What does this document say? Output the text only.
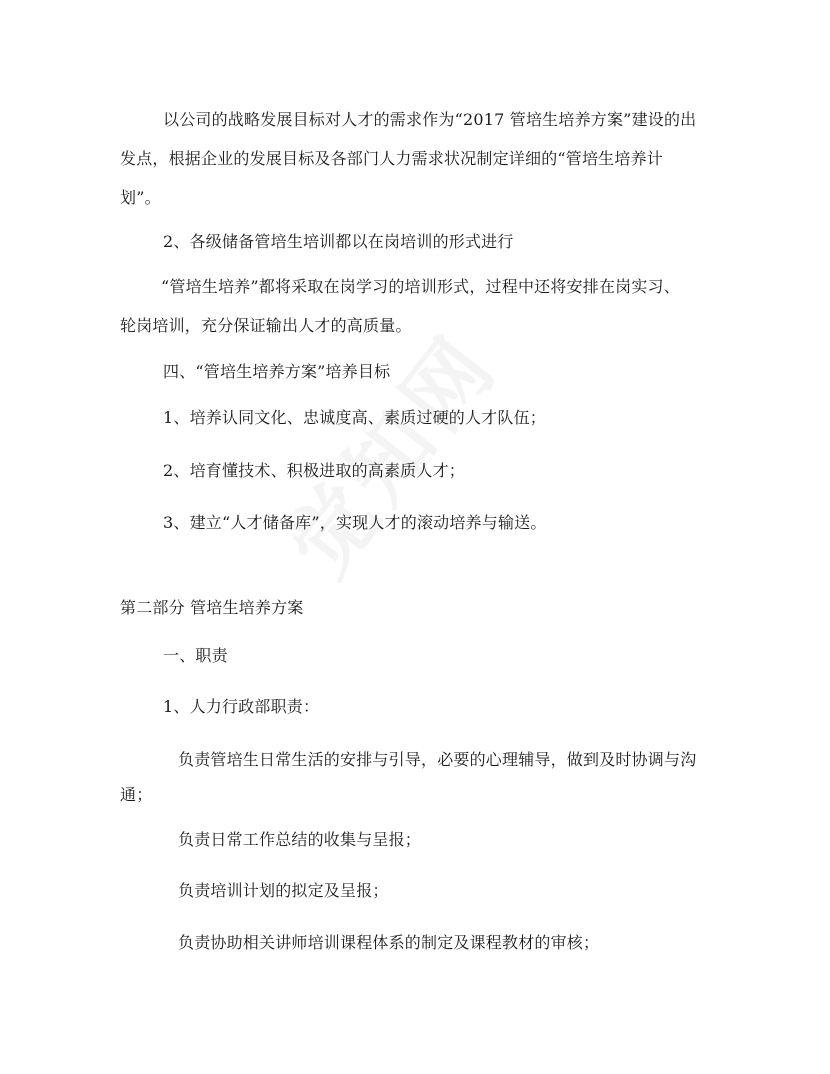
以公司的战略发展目标对人才的需求作为“2017 管培生培养方案”建设的出
发点，根据企业的发展目标及各部门人力需求状况制定详细的“管培生培养计
划”。
2、各级储备管培生培训都以在岗培训的形式进行
“管培生培养”都将采取在岗学习的培训形式，过程中还将安排在岗实习、
轮岗培训，充分保证输出人才的高质量。
四、“管培生培养方案”培养目标
1、培养认同文化、忠诚度高、素质过硬的人才队伍；
2、培育懂技术、积极进取的高素质人才；
3、建立“人才储备库”，实现人才的滚动培养与输送。
第二部分 管培生培养方案
一、职责
1、人力行政部职责：
负责管培生日常生活的安排与引导，必要的心理辅导，做到及时协调与沟
通；
负责日常工作总结的收集与呈报；
负责培训计划的拟定及呈报；
负责协助相关讲师培训课程体系的制定及课程教材的审核；
